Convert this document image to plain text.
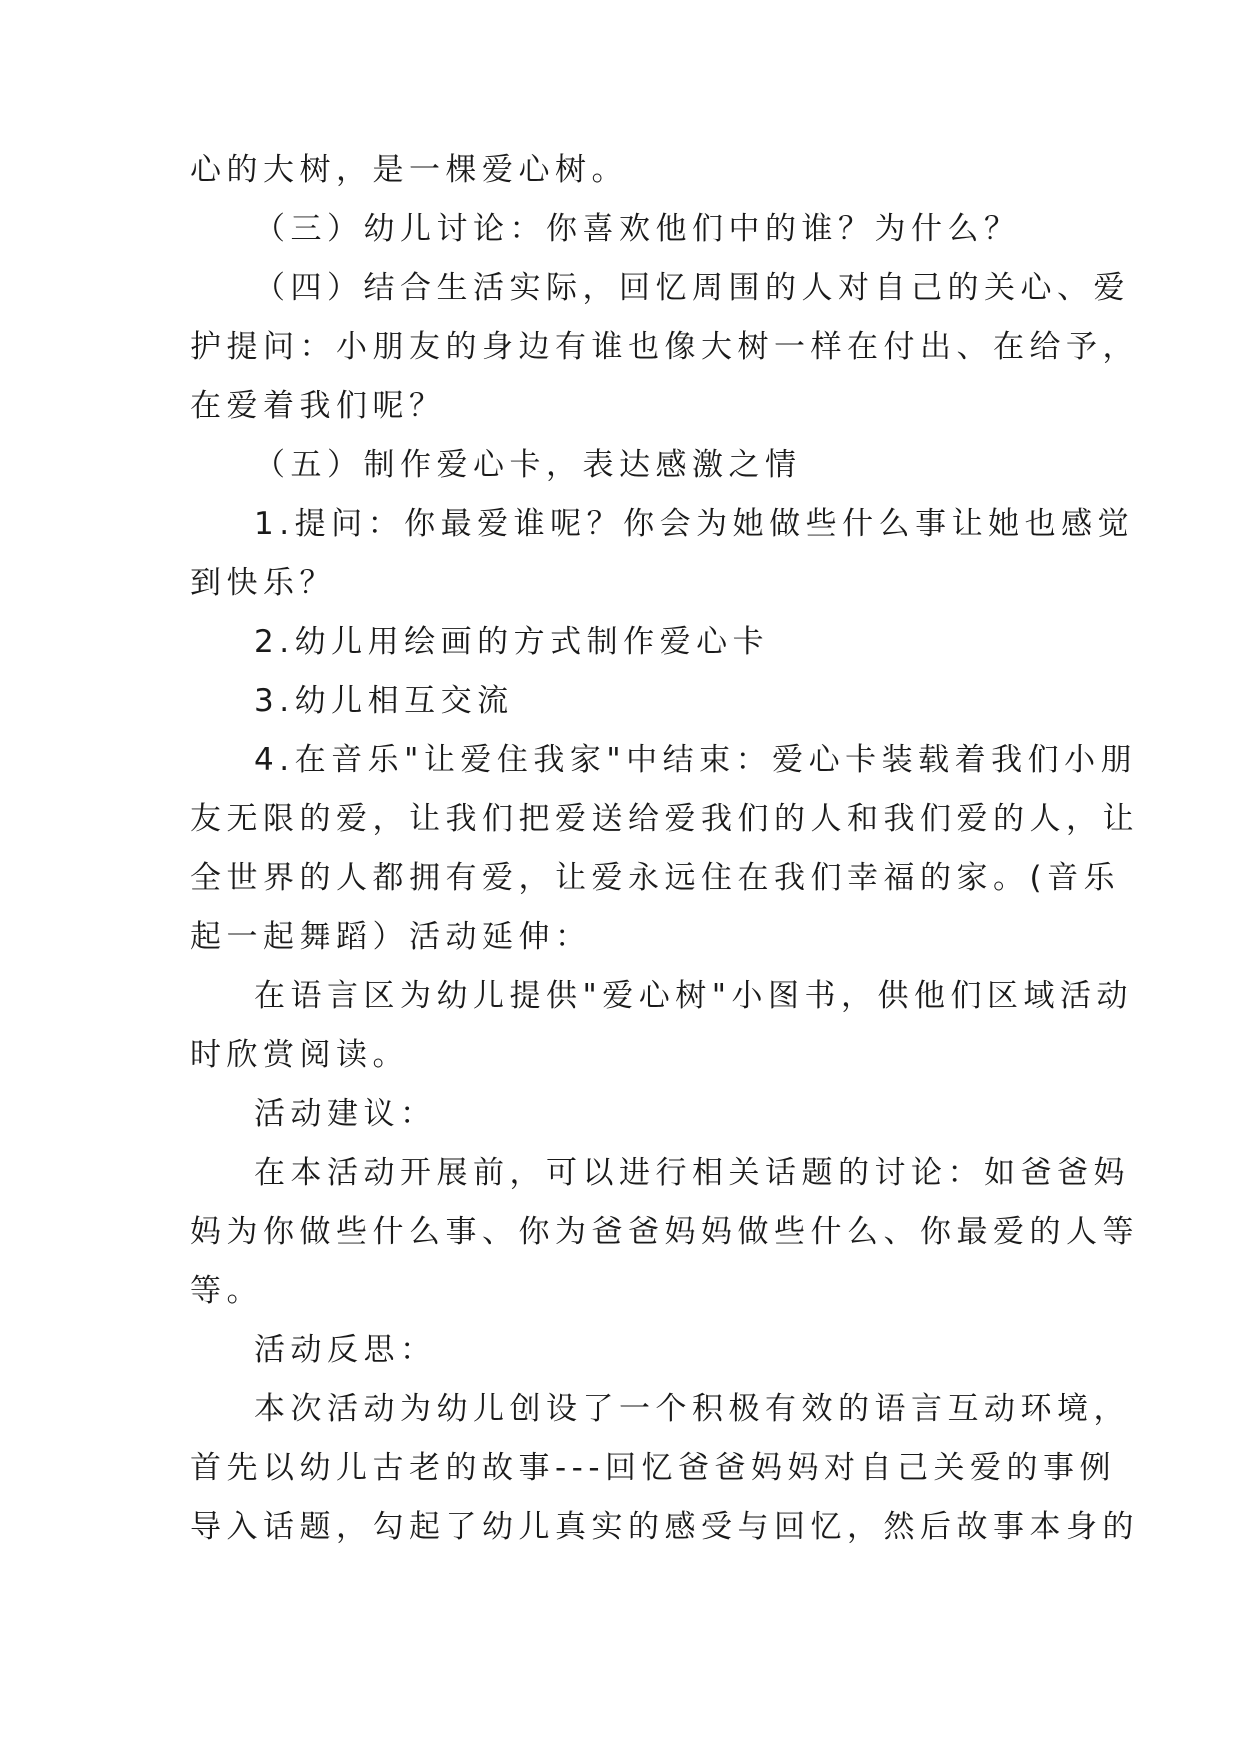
心的大树，是一棵爱心树。
（三）幼儿讨论：你喜欢他们中的谁？为什么？
（四）结合生活实际，回忆周围的人对自己的关心、爱
护提问：小朋友的身边有谁也像大树一样在付出、在给予，
在爱着我们呢？
（五）制作爱心卡，表达感激之情
1.提问：你最爱谁呢？你会为她做些什么事让她也感觉
到快乐？
2.幼儿用绘画的方式制作爱心卡
3.幼儿相互交流
4.在音乐"让爱住我家"中结束：爱心卡装载着我们小朋
友无限的爱，让我们把爱送给爱我们的人和我们爱的人，让
全世界的人都拥有爱，让爱永远住在我们幸福的家。(音乐
起一起舞蹈）活动延伸：
在语言区为幼儿提供"爱心树"小图书，供他们区域活动
时欣赏阅读。
活动建议：
在本活动开展前，可以进行相关话题的讨论：如爸爸妈
妈为你做些什么事、你为爸爸妈妈做些什么、你最爱的人等
等。
活动反思：
本次活动为幼儿创设了一个积极有效的语言互动环境，
首先以幼儿古老的故事---回忆爸爸妈妈对自己关爱的事例
导入话题，勾起了幼儿真实的感受与回忆，然后故事本身的
